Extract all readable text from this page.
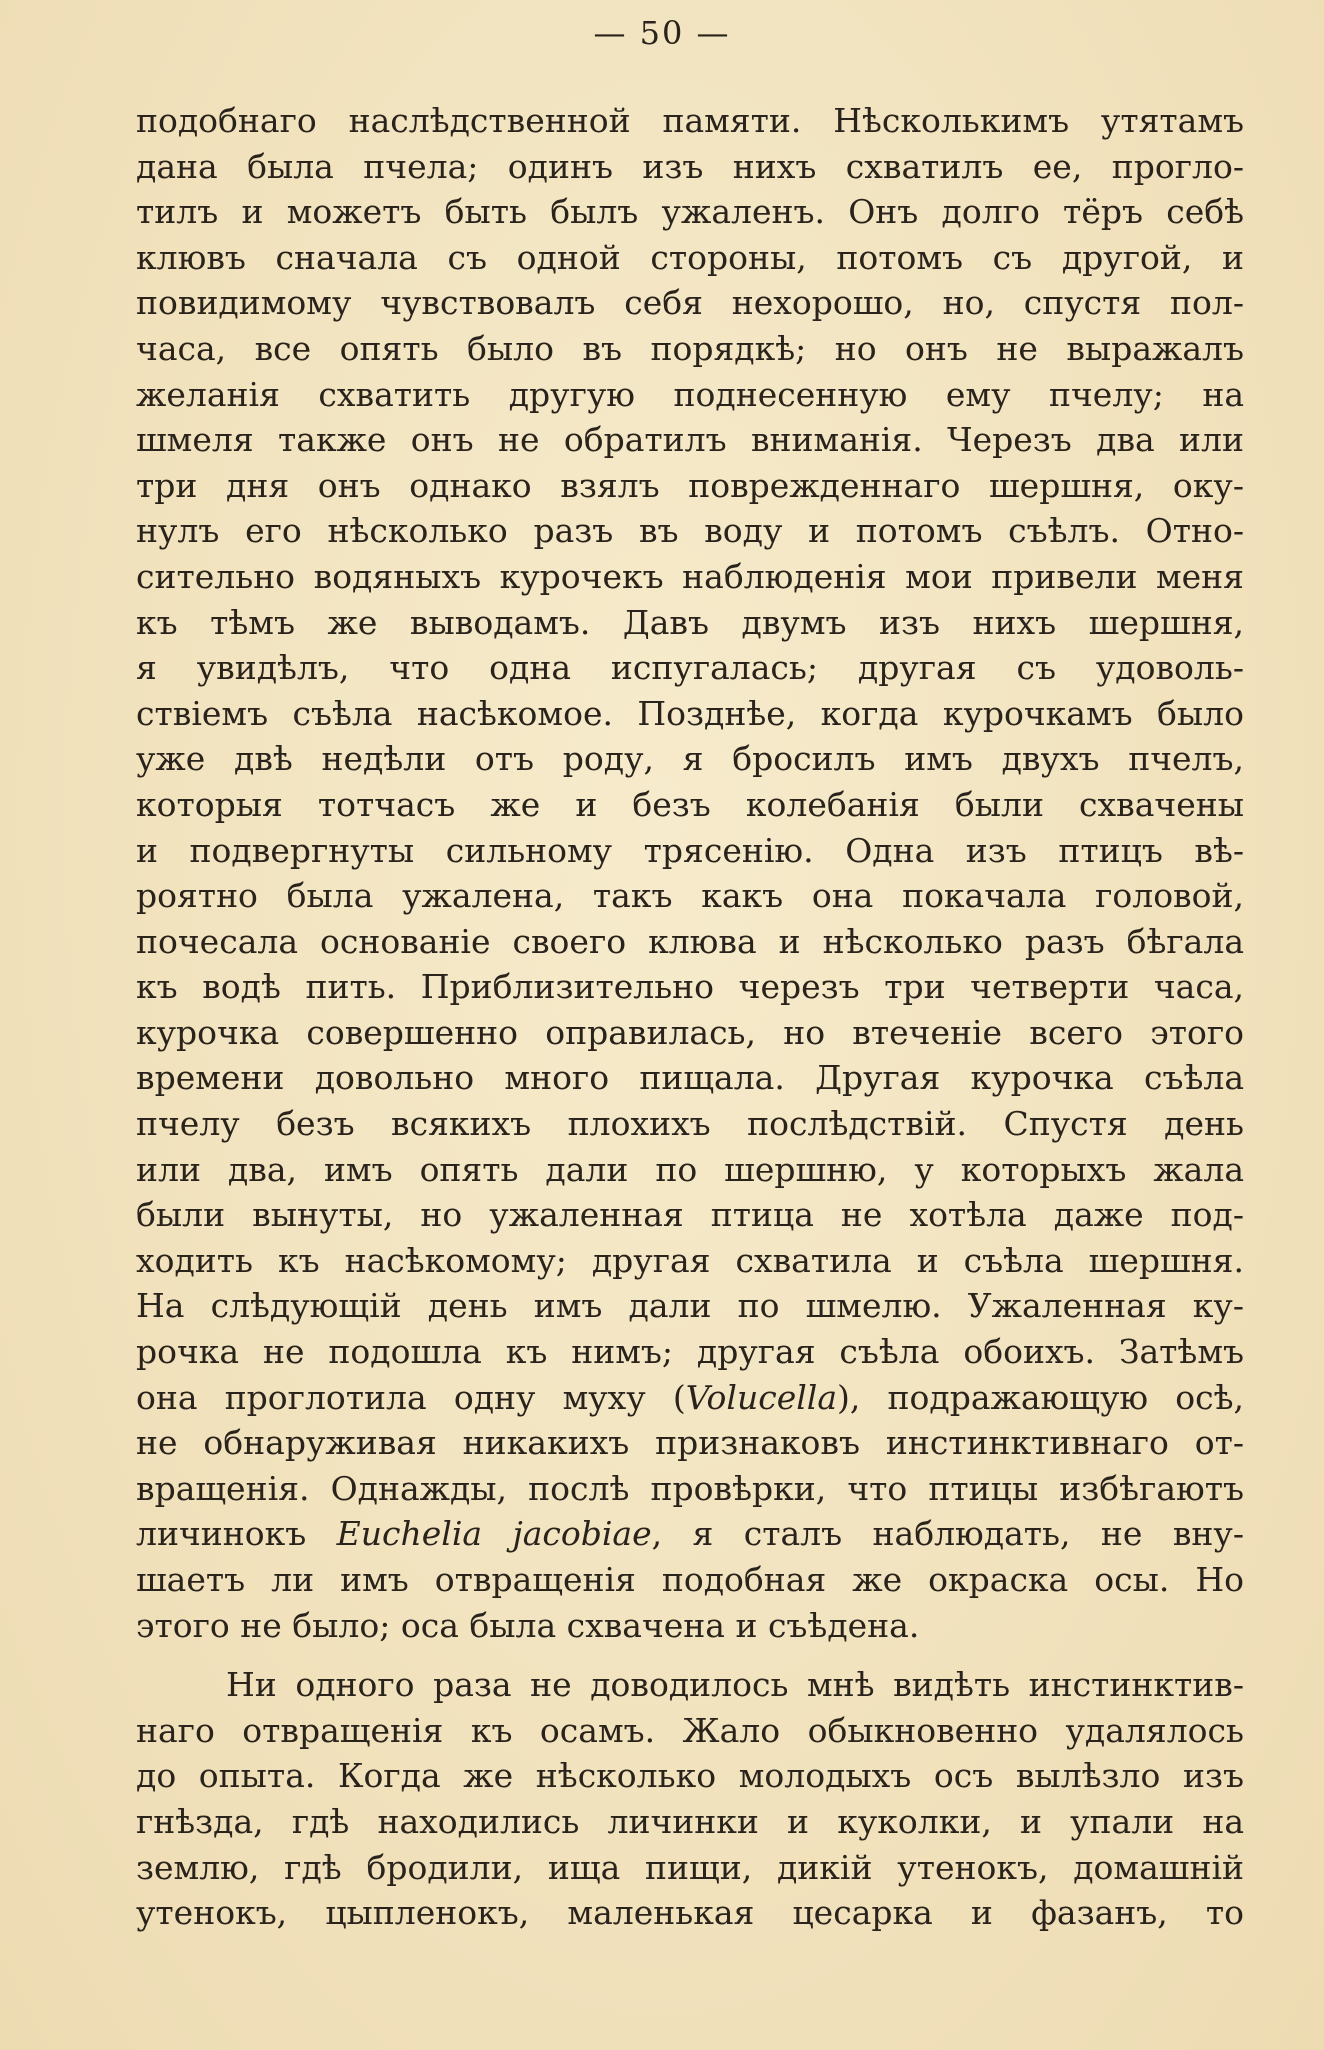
— 50 —
подобнаго наслѣдственной памяти. Нѣсколькимъ утятамъ
дана была пчела; одинъ изъ нихъ схватилъ ее, прогло-
тилъ и можетъ быть былъ ужаленъ. Онъ долго тёръ себѣ
клювъ сначала съ одной стороны, потомъ съ другой, и
повидимому чувствовалъ себя нехорошо, но, спустя пол-
часа, все опять было въ порядкѣ; но онъ не выражалъ
желанія схватить другую поднесенную ему пчелу; на
шмеля также онъ не обратилъ вниманія. Черезъ два или
три дня онъ однако взялъ поврежденнаго шершня, оку-
нулъ его нѣсколько разъ въ воду и потомъ съѣлъ. Отно-
сительно водяныхъ курочекъ наблюденія мои привели меня
къ тѣмъ же выводамъ. Давъ двумъ изъ нихъ шершня,
я увидѣлъ, что одна испугалась; другая съ удоволь-
ствіемъ съѣла насѣкомое. Позднѣе, когда курочкамъ было
уже двѣ недѣли отъ роду, я бросилъ имъ двухъ пчелъ,
которыя тотчасъ же и безъ колебанія были схвачены
и подвергнуты сильному трясенію. Одна изъ птицъ вѣ-
роятно была ужалена, такъ какъ она покачала головой,
почесала основаніе своего клюва и нѣсколько разъ бѣгала
къ водѣ пить. Приблизительно черезъ три четверти часа,
курочка совершенно оправилась, но втеченіе всего этого
времени довольно много пищала. Другая курочка съѣла
пчелу безъ всякихъ плохихъ послѣдствій. Спустя день
или два, имъ опять дали по шершню, у которыхъ жала
были вынуты, но ужаленная птица не хотѣла даже под-
ходить къ насѣкомому; другая схватила и съѣла шершня.
На слѣдующій день имъ дали по шмелю. Ужаленная ку-
рочка не подошла къ нимъ; другая съѣла обоихъ. Затѣмъ
она проглотила одну муху (Volucella), подражающую осѣ,
не обнаруживая никакихъ признаковъ инстинктивнаго от-
вращенія. Однажды, послѣ провѣрки, что птицы избѣгаютъ
личинокъ Euchelia jacobiae, я сталъ наблюдать, не вну-
шаетъ ли имъ отвращенія подобная же окраска осы. Но
этого не было; оса была схвачена и съѣдена.
Ни одного раза не доводилось мнѣ видѣть инстинктив-
наго отвращенія къ осамъ. Жало обыкновенно удалялось
до опыта. Когда же нѣсколько молодыхъ осъ вылѣзло изъ
гнѣзда, гдѣ находились личинки и куколки, и упали на
землю, гдѣ бродили, ища пищи, дикій утенокъ, домашній
утенокъ, цыпленокъ, маленькая цесарка и фазанъ, то
